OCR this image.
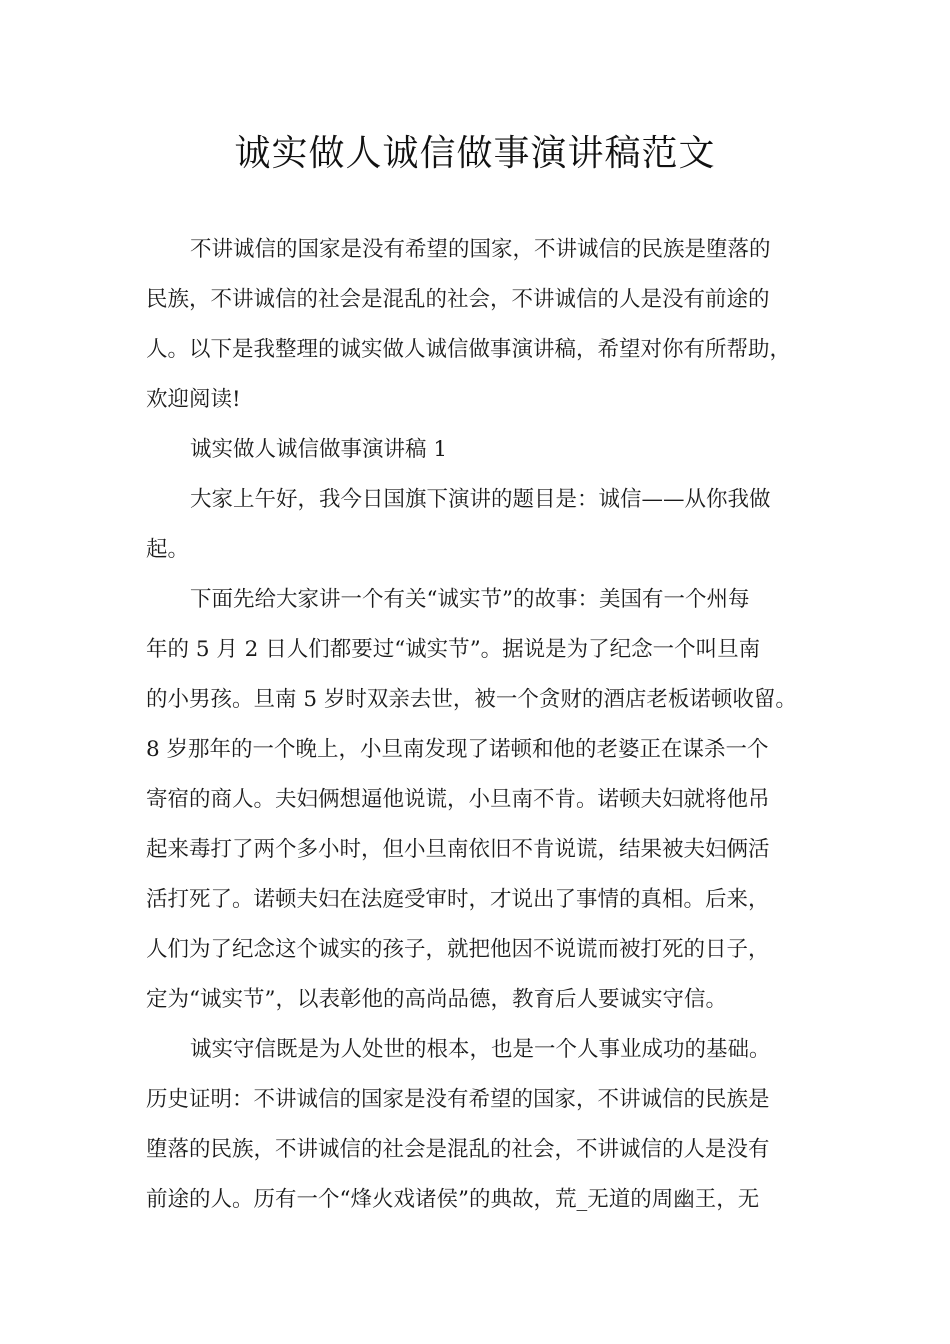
诚实做人诚信做事演讲稿范文

不讲诚信的国家是没有希望的国家，不讲诚信的民族是堕落的

民族，不讲诚信的社会是混乱的社会，不讲诚信的人是没有前途的

人。以下是我整理的诚实做人诚信做事演讲稿，希望对你有所帮助，

欢迎阅读!

诚实做人诚信做事演讲稿 1

大家上午好，我今日国旗下演讲的题目是：诚信——从你我做

起。

下面先给大家讲一个有关“诚实节”的故事：美国有一个州每

年的 5 月 2 日人们都要过“诚实节”。据说是为了纪念一个叫旦南

的小男孩。旦南 5 岁时双亲去世，被一个贪财的酒店老板诺顿收留。

8 岁那年的一个晚上，小旦南发现了诺顿和他的老婆正在谋杀一个

寄宿的商人。夫妇俩想逼他说谎，小旦南不肯。诺顿夫妇就将他吊

起来毒打了两个多小时，但小旦南依旧不肯说谎，结果被夫妇俩活

活打死了。诺顿夫妇在法庭受审时，才说出了事情的真相。后来，

人们为了纪念这个诚实的孩子，就把他因不说谎而被打死的日子，

定为“诚实节”，以表彰他的高尚品德，教育后人要诚实守信。

诚实守信既是为人处世的根本，也是一个人事业成功的基础。

历史证明：不讲诚信的国家是没有希望的国家，不讲诚信的民族是

堕落的民族，不讲诚信的社会是混乱的社会，不讲诚信的人是没有

前途的人。历有一个“烽火戏诸侯”的典故，荒_无道的周幽王，无
